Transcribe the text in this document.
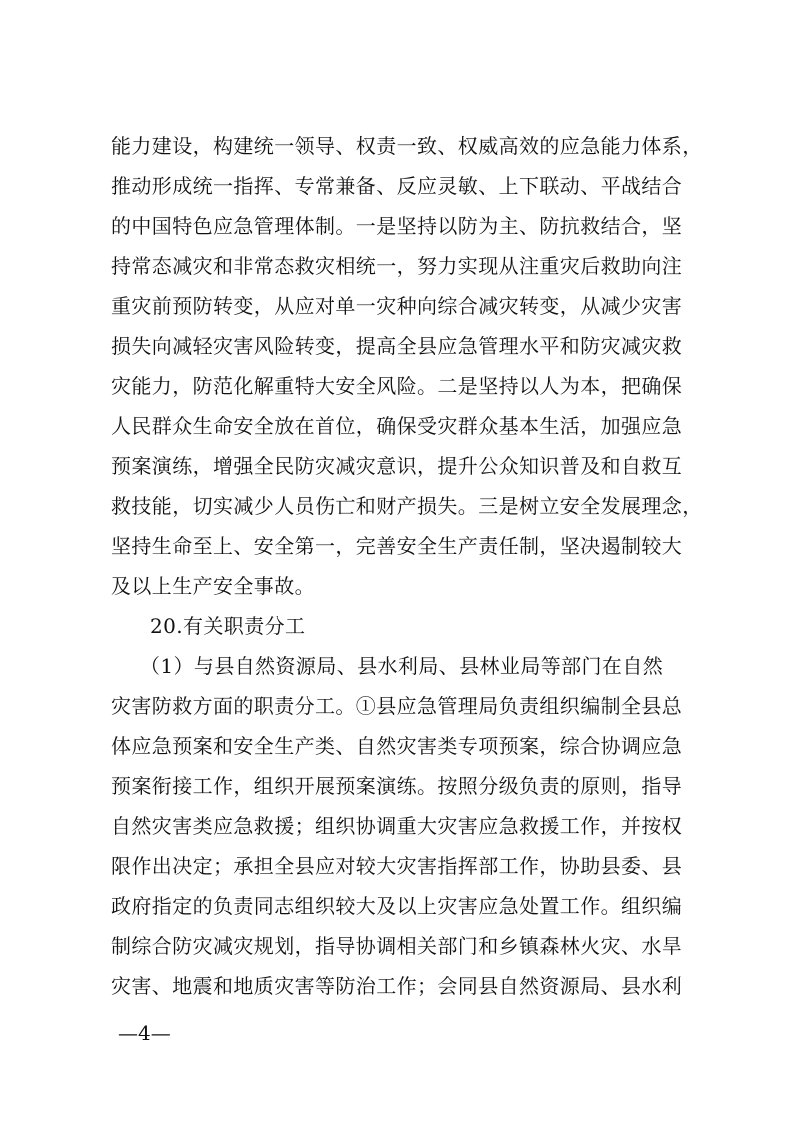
能力建设，构建统一领导、权责一致、权威高效的应急能力体系，
推动形成统一指挥、专常兼备、反应灵敏、上下联动、平战结合
的中国特色应急管理体制。一是坚持以防为主、防抗救结合，坚
持常态减灾和非常态救灾相统一，努力实现从注重灾后救助向注
重灾前预防转变，从应对单一灾种向综合减灾转变，从减少灾害
损失向减轻灾害风险转变，提高全县应急管理水平和防灾减灾救
灾能力，防范化解重特大安全风险。二是坚持以人为本，把确保
人民群众生命安全放在首位，确保受灾群众基本生活，加强应急
预案演练，增强全民防灾减灾意识，提升公众知识普及和自救互
救技能，切实减少人员伤亡和财产损失。三是树立安全发展理念，
坚持生命至上、安全第一，完善安全生产责任制，坚决遏制较大
及以上生产安全事故。
20.有关职责分工
（1）与县自然资源局、县水利局、县林业局等部门在自然
灾害防救方面的职责分工。①县应急管理局负责组织编制全县总
体应急预案和安全生产类、自然灾害类专项预案，综合协调应急
预案衔接工作，组织开展预案演练。按照分级负责的原则，指导
自然灾害类应急救援；组织协调重大灾害应急救援工作，并按权
限作出决定；承担全县应对较大灾害指挥部工作，协助县委、县
政府指定的负责同志组织较大及以上灾害应急处置工作。组织编
制综合防灾减灾规划，指导协调相关部门和乡镇森林火灾、水旱
灾害、地震和地质灾害等防治工作；会同县自然资源局、县水利
—4—
